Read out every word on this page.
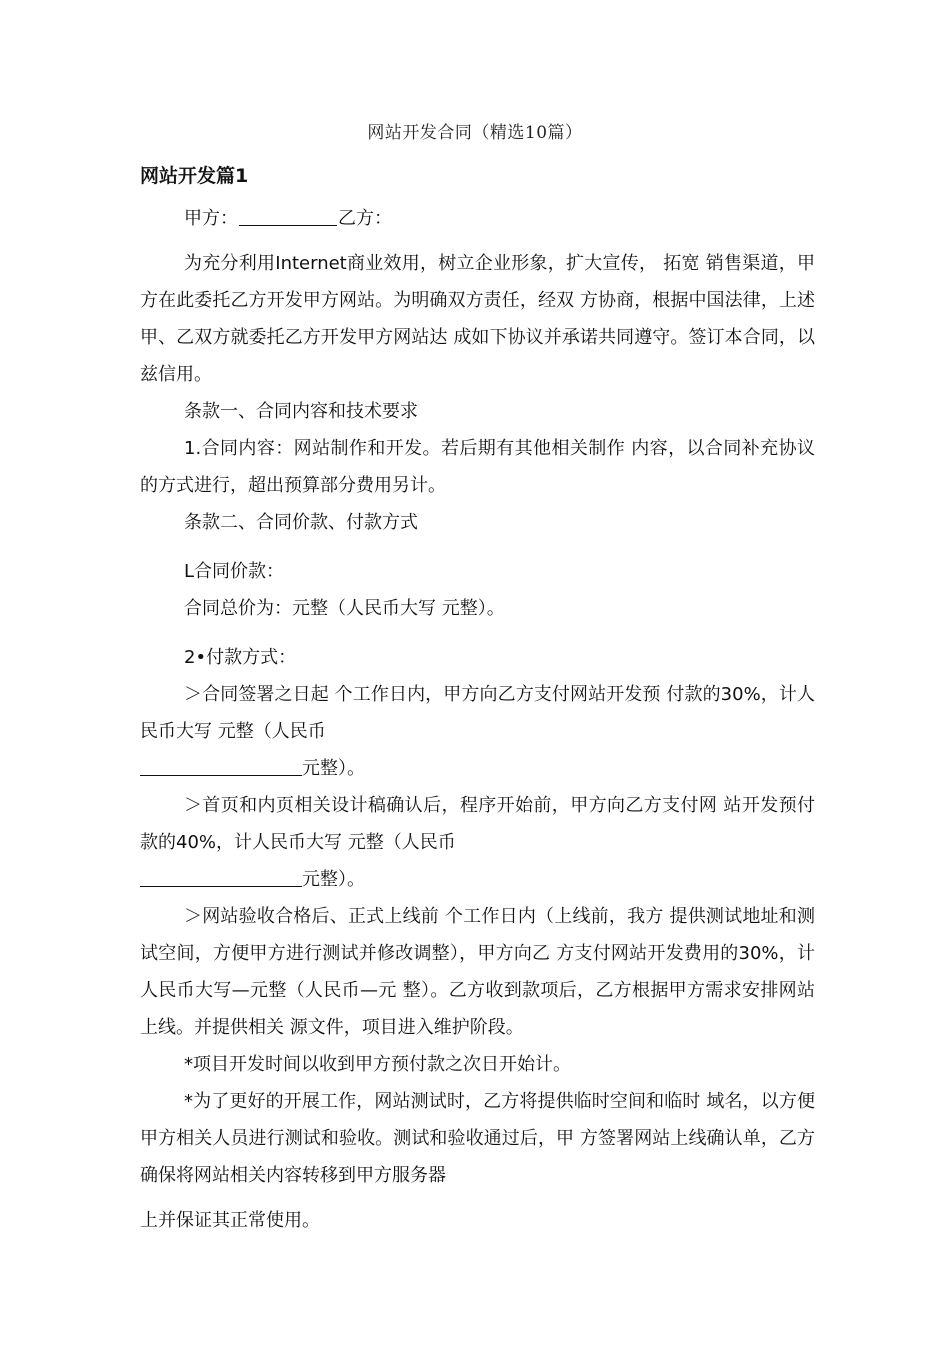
网站开发合同（精选10篇）

网站开发篇1

甲方：	乙方：

为充分利用Internet商业效用，树立企业形象，扩大宣传， 拓宽 销售渠道，甲方在此委托乙方开发甲方网站。为明确双方责任，经双 方协商，根据中国法律，上述甲、乙双方就委托乙方开发甲方网站达 成如下协议并承诺共同遵守。签订本合同，以兹信用。

条款一、合同内容和技术要求

1.合同内容：网站制作和开发。若后期有其他相关制作 内容，以合同补充协议的方式进行，超出预算部分费用另计。

条款二、合同价款、付款方式

L合同价款：

合同总价为：元整（人民币大写 元整）。

2•付款方式：

＞合同签署之日起 个工作日内，甲方向乙方支付网站开发预 付款的30%，计人民币大写 元整（人民币

元整）。

＞首页和内页相关设计稿确认后，程序开始前，甲方向乙方支付网 站开发预付款的40%，计人民币大写 元整（人民币

元整）。

＞网站验收合格后、正式上线前 个工作日内（上线前，我方 提供测试地址和测试空间，方便甲方进行测试并修改调整），甲方向乙 方支付网站开发费用的30%，计人民币大写—元整（人民币—元 整）。乙方收到款项后，乙方根据甲方需求安排网站上线。并提供相关 源文件，项目进入维护阶段。

*项目开发时间以收到甲方预付款之次日开始计。

*为了更好的开展工作，网站测试时，乙方将提供临时空间和临时 域名，以方便甲方相关人员进行测试和验收。测试和验收通过后，甲 方签署网站上线确认单，乙方确保将网站相关内容转移到甲方服务器

上并保证其正常使用。
